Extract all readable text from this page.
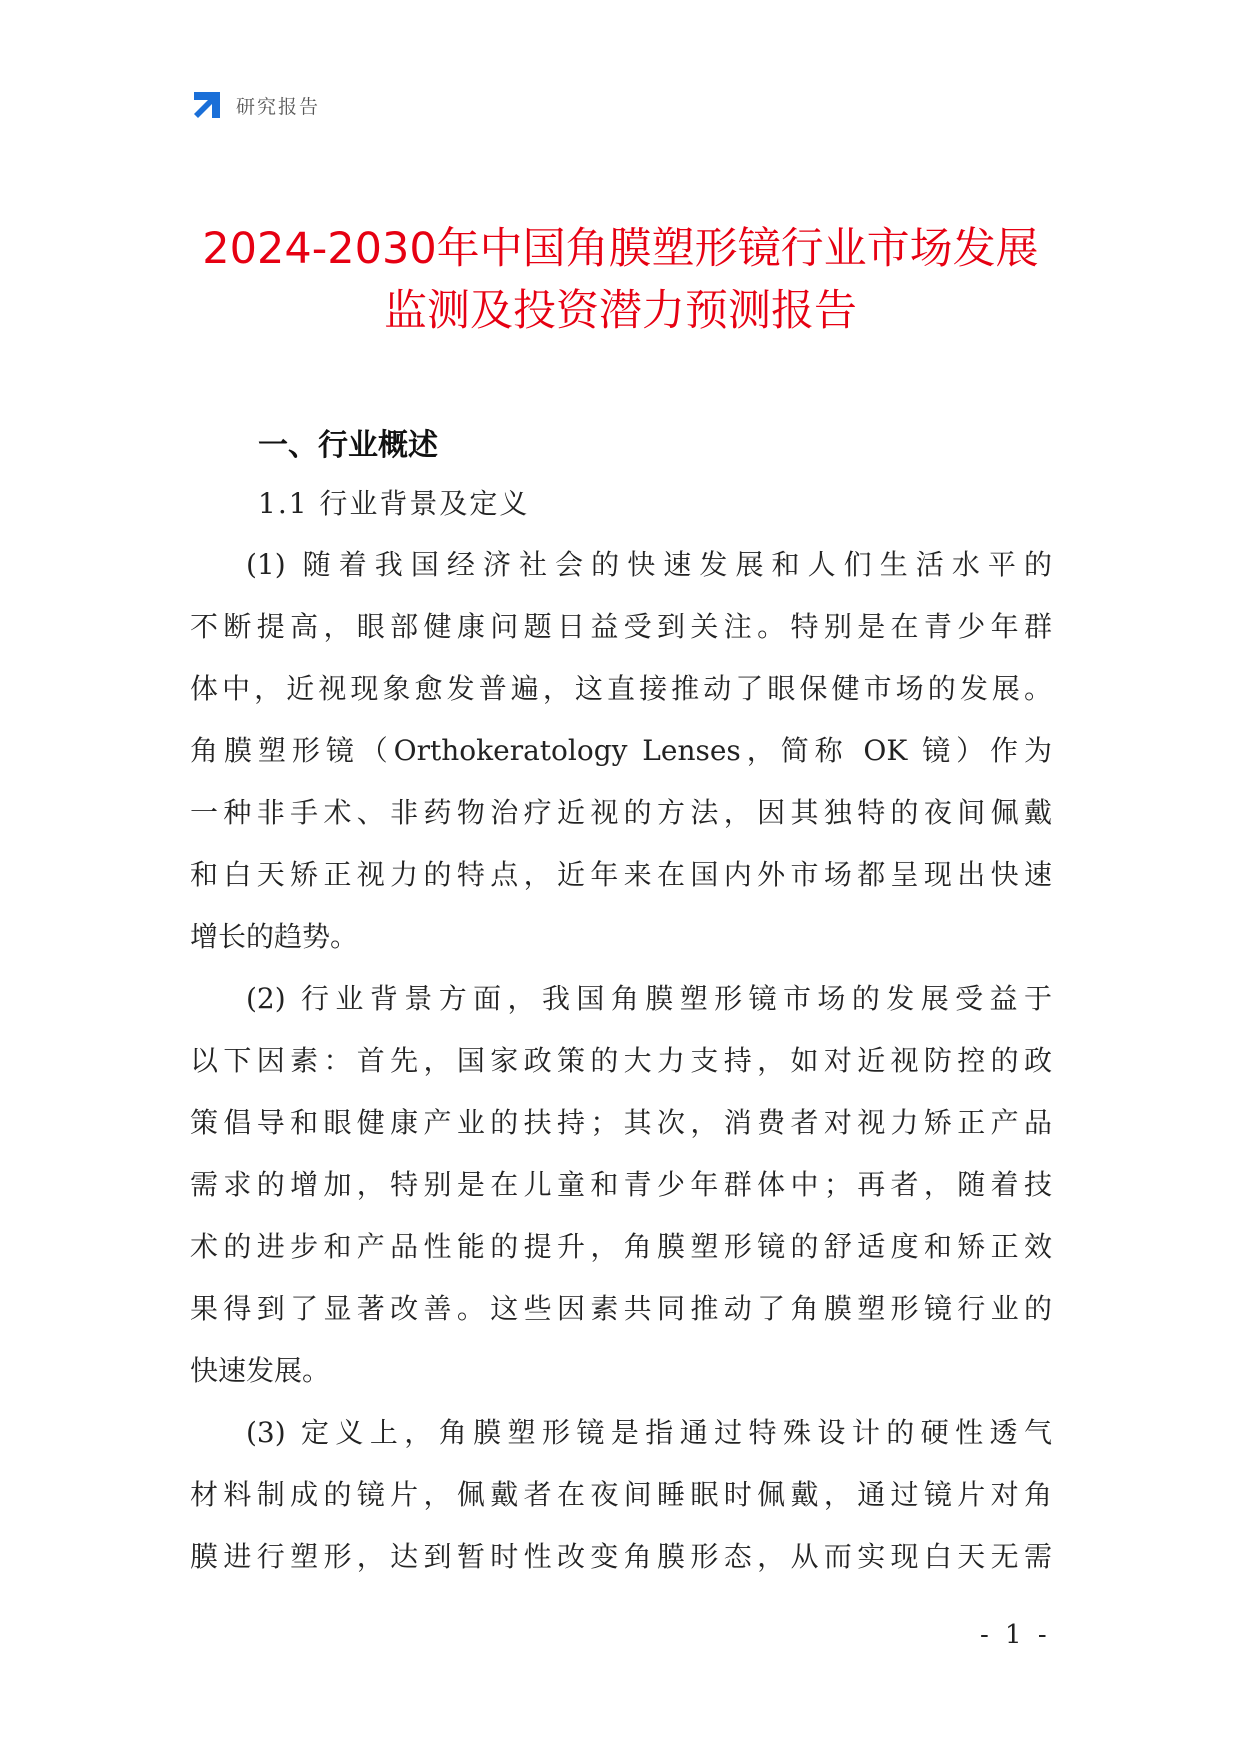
研究报告
2024-2030年中国角膜塑形镜行业市场发展
监测及投资潜力预测报告
一、行业概述
1.1 行业背景及定义
(1) 随着我国经济社会的快速发展和人们生活水平的
不断提高，眼部健康问题日益受到关注。特别是在青少年群
体中，近视现象愈发普遍，这直接推动了眼保健市场的发展。
角膜塑形镜（Orthokeratology Lenses，简称 OK 镜）作为
一种非手术、非药物治疗近视的方法，因其独特的夜间佩戴
和白天矫正视力的特点，近年来在国内外市场都呈现出快速
增长的趋势。
(2) 行业背景方面，我国角膜塑形镜市场的发展受益于
以下因素：首先，国家政策的大力支持，如对近视防控的政
策倡导和眼健康产业的扶持；其次，消费者对视力矫正产品
需求的增加，特别是在儿童和青少年群体中；再者，随着技
术的进步和产品性能的提升，角膜塑形镜的舒适度和矫正效
果得到了显著改善。这些因素共同推动了角膜塑形镜行业的
快速发展。
(3) 定义上，角膜塑形镜是指通过特殊设计的硬性透气
材料制成的镜片，佩戴者在夜间睡眠时佩戴，通过镜片对角
膜进行塑形，达到暂时性改变角膜形态，从而实现白天无需
- 1 -
